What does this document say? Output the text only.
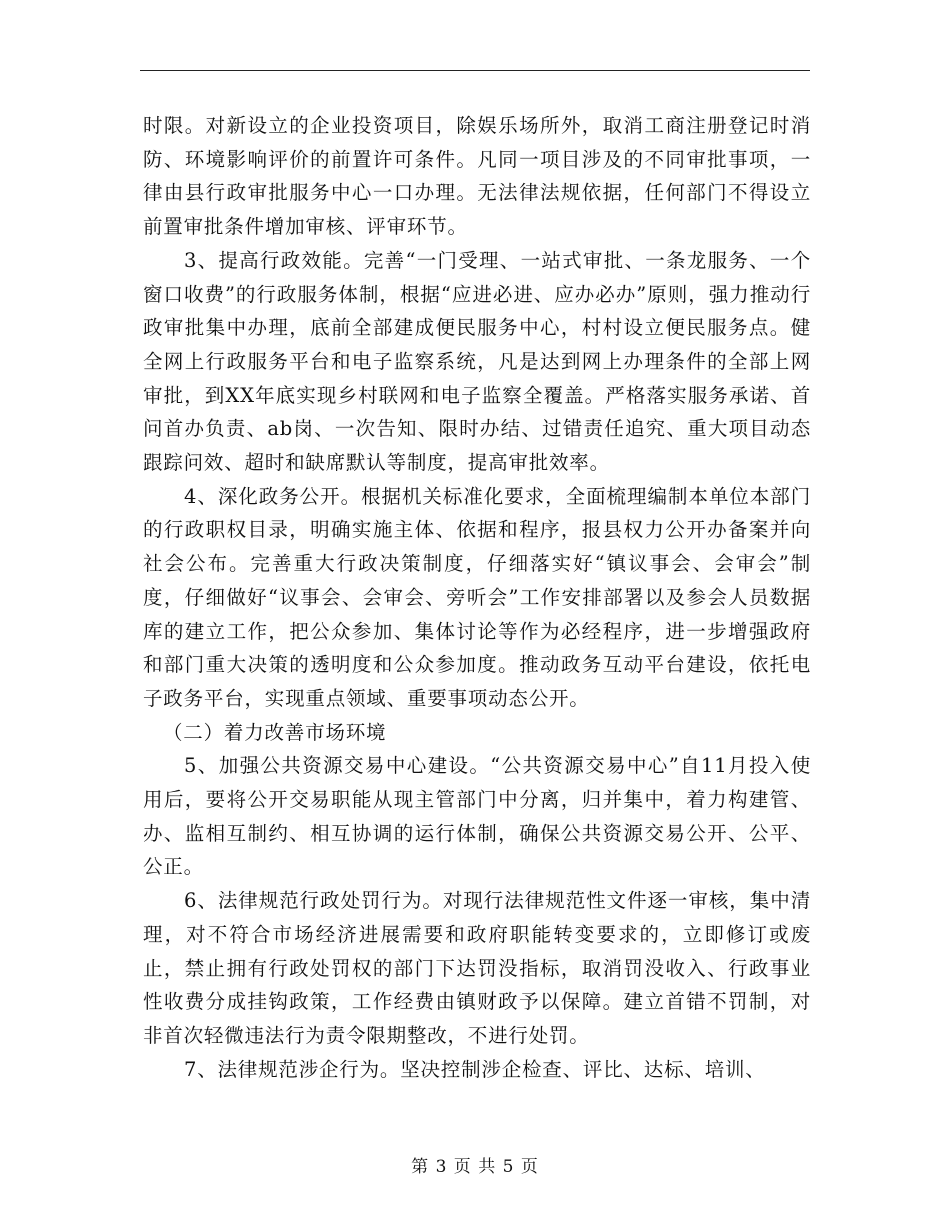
时限。对新设立的企业投资项目，除娱乐场所外，取消工商注册登记时消防、环境影响评价的前置许可条件。凡同一项目涉及的不同审批事项，一律由县行政审批服务中心一口办理。无法律法规依据，任何部门不得设立前置审批条件增加审核、评审环节。

3、提高行政效能。完善“一门受理、一站式审批、一条龙服务、一个窗口收费”的行政服务体制，根据“应进必进、应办必办”原则，强力推动行政审批集中办理，底前全部建成便民服务中心，村村设立便民服务点。健全网上行政服务平台和电子监察系统，凡是达到网上办理条件的全部上网审批，到XX年底实现乡村联网和电子监察全覆盖。严格落实服务承诺、首问首办负责、ab岗、一次告知、限时办结、过错责任追究、重大项目动态跟踪问效、超时和缺席默认等制度，提高审批效率。

4、深化政务公开。根据机关标准化要求，全面梳理编制本单位本部门的行政职权目录，明确实施主体、依据和程序，报县权力公开办备案并向社会公布。完善重大行政决策制度，仔细落实好“镇议事会、会审会”制度，仔细做好“议事会、会审会、旁听会”工作安排部署以及参会人员数据库的建立工作，把公众参加、集体讨论等作为必经程序，进一步增强政府和部门重大决策的透明度和公众参加度。推动政务互动平台建设，依托电子政务平台，实现重点领域、重要事项动态公开。

（二）着力改善市场环境

5、加强公共资源交易中心建设。“公共资源交易中心”自11月投入使用后，要将公开交易职能从现主管部门中分离，归并集中，着力构建管、办、监相互制约、相互协调的运行体制，确保公共资源交易公开、公平、公正。

6、法律规范行政处罚行为。对现行法律规范性文件逐一审核，集中清理，对不符合市场经济进展需要和政府职能转变要求的，立即修订或废止，禁止拥有行政处罚权的部门下达罚没指标，取消罚没收入、行政事业性收费分成挂钩政策，工作经费由镇财政予以保障。建立首错不罚制，对非首次轻微违法行为责令限期整改，不进行处罚。

7、法律规范涉企行为。坚决控制涉企检查、评比、达标、培训、

第 3 页 共 5 页
